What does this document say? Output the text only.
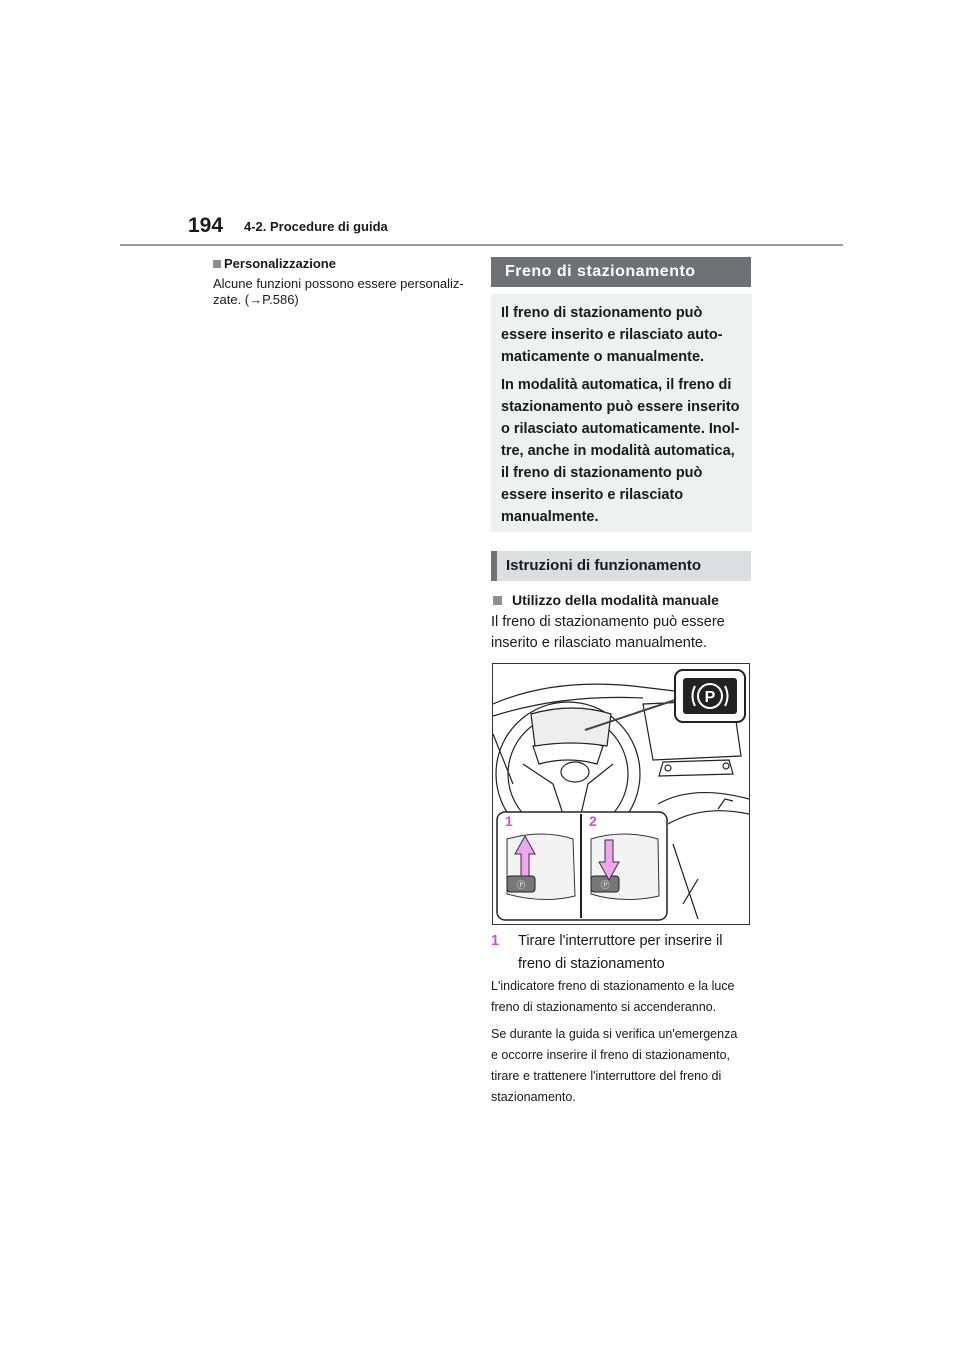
194 4-2. Procedure di guida
Personalizzazione

Alcune funzioni possono essere personaliz-

zate. (→P.586)

Freno di stazionamento

Il freno di stazionamento può
essere inserito e rilasciato auto-
maticamente o manualmente.

In modalità automatica, il freno di
stazionamento può essere inserito
o rilasciato automaticamente. Inol-
tre, anche in modalità automatica,
il freno di stazionamento può
essere inserito e rilasciato
manualmente.

Istruzioni di funzionamento
Utilizzo della modalità manuale
Il freno di stazionamento può essere
inserito e rilasciato manualmente.
P
Ⓟ	Ⓟ
1	2
1	Tirare l'interruttore per inserire il
freno di stazionamento

L'indicatore freno di stazionamento e la luce
freno di stazionamento si accenderanno.

Se durante la guida si verifica un'emergenza
e occorre inserire il freno di stazionamento,
tirare e trattenere l'interruttore del freno di
stazionamento.
